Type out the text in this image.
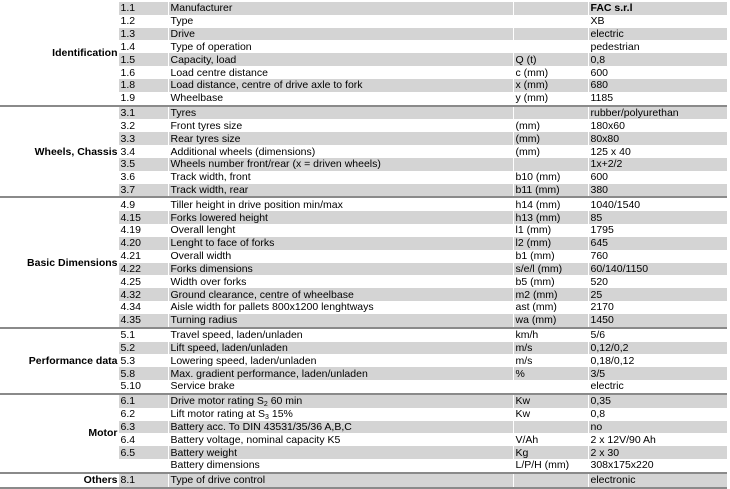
Identification	1.1	Manufacturer		FAC s.r.l
	1.2	Type		XB
	1.3	Drive		electric
	1.4	Type of operation		pedestrian
	1.5	Capacity, load	Q (t)	0,8
	1.6	Load centre distance	c (mm)	600
	1.8	Load distance, centre of drive axle to fork	x (mm)	680
	1.9	Wheelbase	y (mm)	1185
Wheels, Chassis	3.1	Tyres		rubber/polyurethan
	3.2	Front tyres size	(mm)	180x60
	3.3	Rear tyres size	(mm)	80x80
	3.4	Additional wheels (dimensions)	(mm)	125 x 40
	3.5	Wheels number front/rear (x = driven wheels)		1x+2/2
	3.6	Track width, front	b10 (mm)	600
	3.7	Track width, rear	b11 (mm)	380
Basic Dimensions	4.9	Tiller height in drive position min/max	h14 (mm)	1040/1540
	4.15	Forks lowered height	h13 (mm)	85
	4.19	Overall lenght	l1 (mm)	1795
	4.20	Lenght to face of forks	l2 (mm)	645
	4.21	Overall width	b1 (mm)	760
	4.22	Forks dimensions	s/e/l (mm)	60/140/1150
	4.25	Width over forks	b5 (mm)	520
	4.32	Ground clearance, centre of wheelbase	m2 (mm)	25
	4.34	Aisle width for pallets 800x1200 lenghtways	ast (mm)	2170
	4.35	Turning radius	wa (mm)	1450
Performance data	5.1	Travel speed, laden/unladen	km/h	5/6
	5.2	Lift speed, laden/unladen	m/s	0,12/0,2
	5.3	Lowering speed, laden/unladen	m/s	0,18/0,12
	5.8	Max. gradient performance, laden/unladen	%	3/5
	5.10	Service brake		electric
Motor	6.1	Drive motor rating $S_2$ 60 min	Kw	0,35
	6.2	Lift motor rating at $S_3$ 15%	Kw	0,8
	6.3	Battery acc. To DIN 43531/35/36 A,B,C		no
	6.4	Battery voltage, nominal capacity K5	V/Ah	2 x 12V/90 Ah
	6.5	Battery weight	Kg	2 x 30
		Battery dimensions	L/P/H (mm)	308x175x220
Others	8.1	Type of drive control		electronic
